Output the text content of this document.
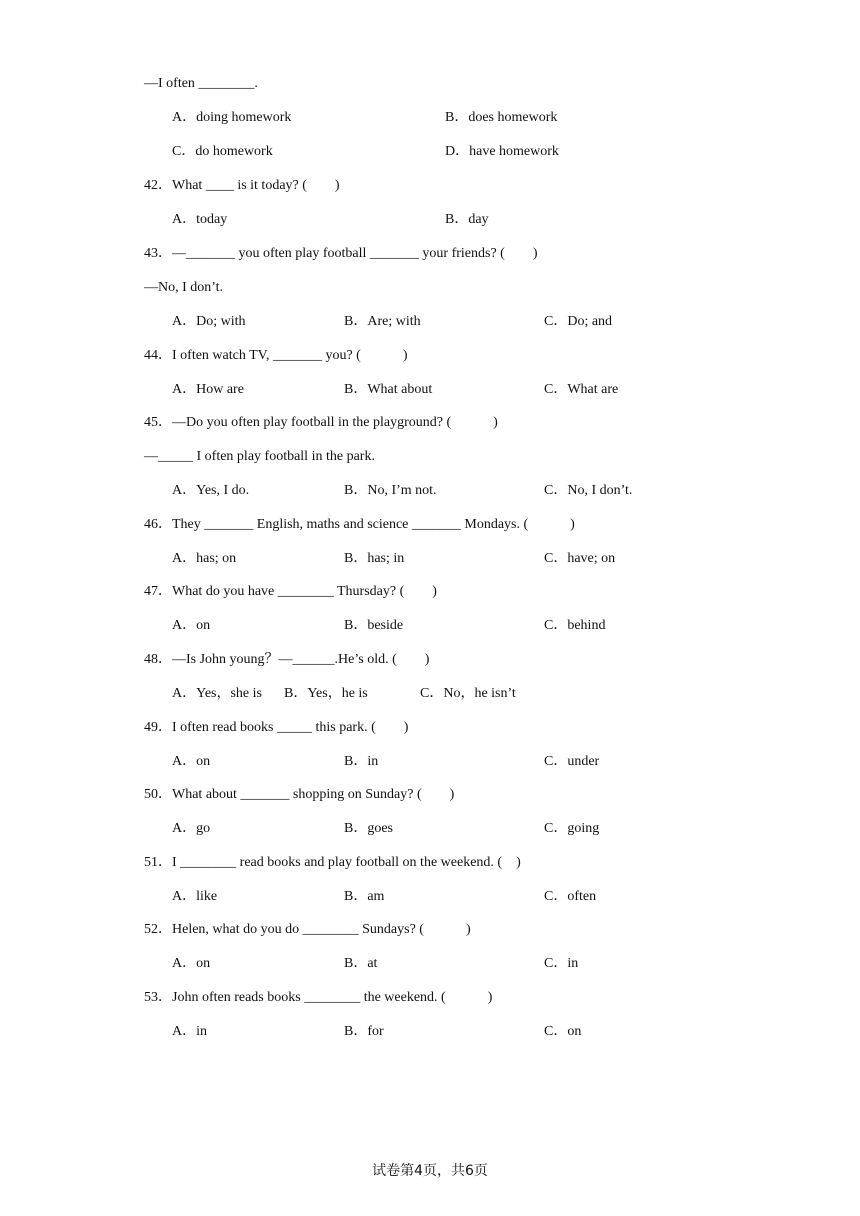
—I often ________.
A．doing homework	B．does homework
C．do homework	D．have homework
42．What ____ is it today? (　　)
A．today	B．day
43．—_______ you often play football _______ your friends? (　　)
—No, I don’t.
A．Do; with	B．Are; with	C．Do; and
44．I often watch TV, _______ you? (　　　)
A．How are	B．What about	C．What are
45．—Do you often play football in the playground? (　　　)
—_____ I often play football in the park.
A．Yes, I do.	B．No, I’m not.	C．No, I don’t.
46．They _______ English, maths and science _______ Mondays. (　　　)
A．has; on	B．has; in	C．have; on
47．What do you have ________ Thursday? (　　)
A．on	B．beside	C．behind
48．—Is John young？—______.He’s old. (　　)
A．Yes，she is B．Yes，he is	C．No，he isn’t
49．I often read books _____ this park. (　　)
A．on	B．in	C．under
50．What about _______ shopping on Sunday? (　　)
A．go	B．goes	C．going
51．I ________ read books and play football on the weekend. (　)
A．like	B．am	C．often
52．Helen, what do you do ________ Sundays? (　　　)
A．on	B．at	C．in
53．John often reads books ________ the weekend. (　　　)
A．in	B．for	C．on
试卷第4页，共6页
